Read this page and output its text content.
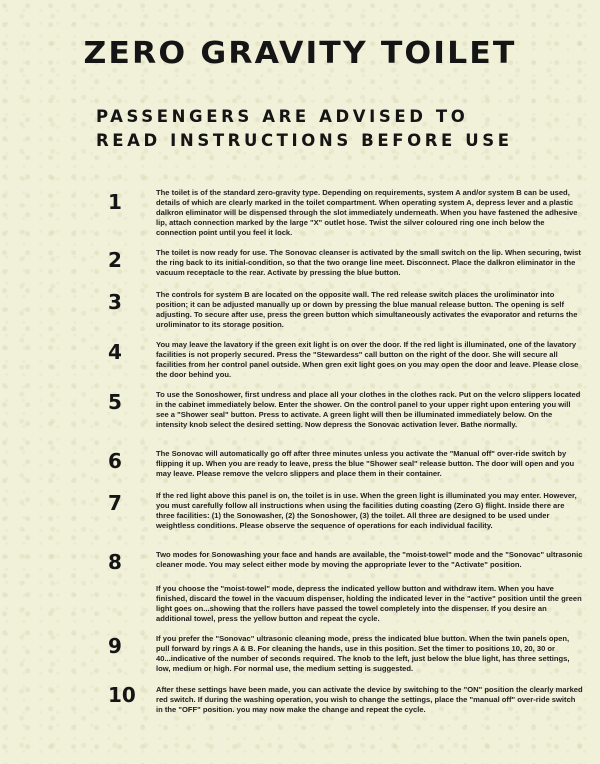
ZERO GRAVITY TOILET
PASSENGERS ARE ADVISED TO
READ INSTRUCTIONS BEFORE USE
1	The toilet is of the standard zero-gravity type. Depending on requirements, system A and/or system B can be used, details of which are clearly marked in the toilet compartment. When operating system A, depress lever and a plastic dalkron eliminator will be dispensed through the slot immediately underneath. When you have fastened the adhesive lip, attach connection marked by the large "X" outlet hose. Twist the silver coloured ring one inch below the connection point until you feel it lock.
2	The toilet is now ready for use. The Sonovac cleanser is activated by the small switch on the lip. When securing, twist the ring back to its initial-condition, so that the two orange line meet. Disconnect. Place the dalkron eliminator in the vacuum receptacle to the rear. Activate by pressing the blue button.
3	The controls for system B are located on the opposite wall. The red release switch places the uroliminator into position; it can be adjusted manually up or down by pressing the blue manual release button. The opening is self adjusting. To secure after use, press the green button which simultaneously activates the evaporator and returns the uroliminator to its storage position.
4	You may leave the lavatory if the green exit light is on over the door. If the red light is illuminated, one of the lavatory facilities is not properly secured. Press the "Stewardess" call button on the right of the door. She will secure all facilities from her control panel outside. When gren exit light goes on you may open the door and leave. Please close the door behind you.
5	To use the Sonoshower, first undress and place all your clothes in the clothes rack. Put on the velcro slippers located in the cabinet immediately below. Enter the shower. On the control panel to your upper right upon entering you will see a "Shower seal" button. Press to activate. A green light will then be illuminated immediately below. On the intensity knob select the desired setting. Now depress the Sonovac activation lever. Bathe normally.
6	The Sonovac will automatically go off after three minutes unless you activate the "Manual off" over-ride switch by flipping it up. When you are ready to leave, press the blue "Shower seal" release button. The door will open and you may leave. Please remove the velcro slippers and place them in their container.
7	If the red light above this panel is on, the toilet is in use. When the green light is illuminated you may enter. However, you must carefully follow all instructions when using the facilities duting coasting (Zero G) flight. Inside there are three facilities: (1) the Sonowasher, (2) the Sonoshower, (3) the toilet. All three are designed to be used under weightless conditions. Please observe the sequence of operations for each individual facility.
8	Two modes for Sonowashing your face and hands are available, the "moist-towel" mode and the "Sonovac" ultrasonic cleaner mode. You may select either mode by moving the appropriate lever to the "Activate" position.
If you choose the "moist-towel" mode, depress the indicated yellow button and withdraw item. When you have finished, discard the towel in the vacuum dispenser, holding the indicated lever in the "active" position until the green light goes on...showing that the rollers have passed the towel completely into the dispenser. If you desire an additional towel, press the yellow button and repeat the cycle.
9	If you prefer the "Sonovac" ultrasonic cleaning mode, press the indicated blue button. When the twin panels open, pull forward by rings A & B. For cleaning the hands, use in this position. Set the timer to positions 10, 20, 30 or 40...indicative of the number of seconds required. The knob to the left, just below the blue light, has three settings, low, medium or high. For normal use, the medium setting is suggested.
10	After these settings have been made, you can activate the device by switching to the "ON" position the clearly marked red switch. If during the washing operation, you wish to change the settings, place the "manual off" over-ride switch in the "OFF" position. you may now make the change and repeat the cycle.
